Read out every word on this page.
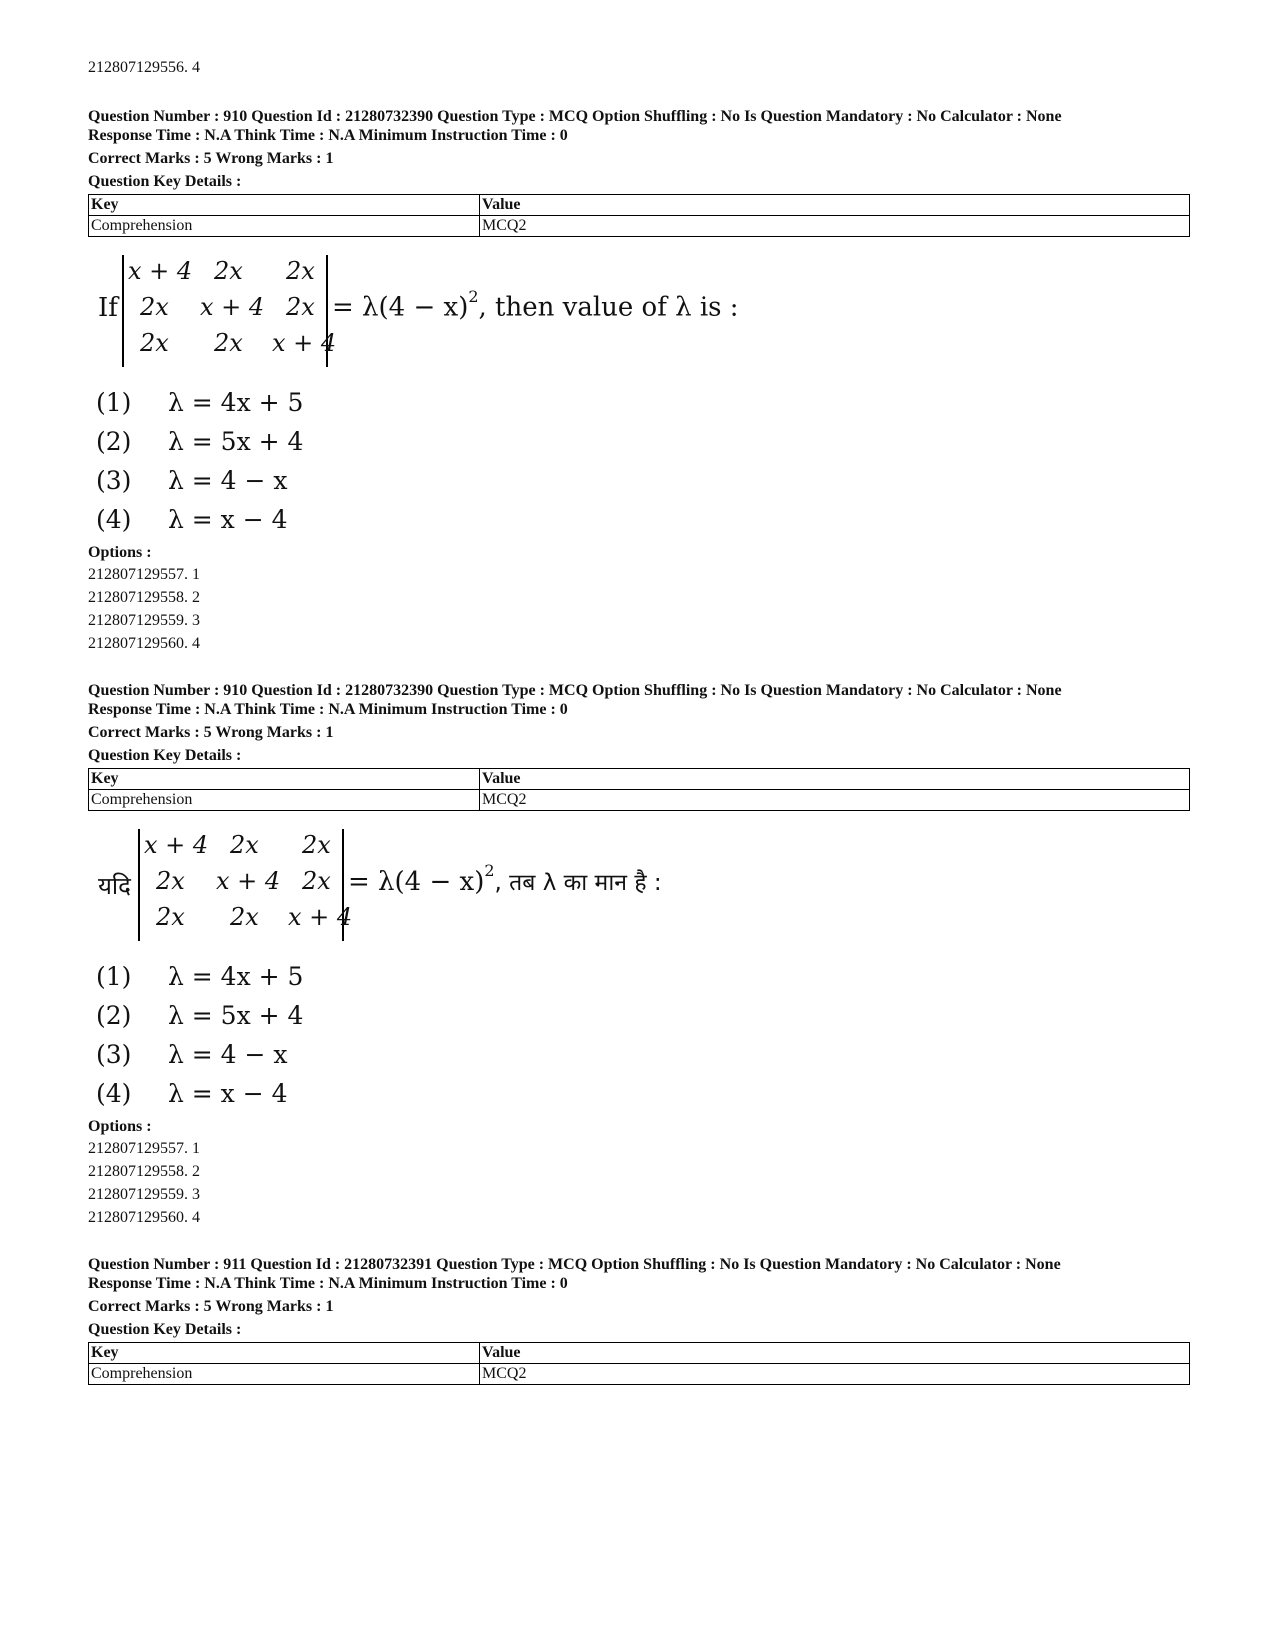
212807129556. 4
Question Number : 910 Question Id : 21280732390 Question Type : MCQ Option Shuffling : No Is Question Mandatory : No Calculator : None
Response Time : N.A Think Time : N.A Minimum Instruction Time : 0
Correct Marks : 5 Wrong Marks : 1
Question Key Details :
Key	Value
Comprehension	MCQ2
If
x + 4 2x 2x
2x x + 4 2x
2x 2x x + 4
= $\lambda(4 - x)^2$, then value of λ is :
(1)	λ = 4x + 5
(2)	λ = 5x + 4
(3)	λ = 4 − x
(4)	λ = x − 4
Options :
212807129557. 1
212807129558. 2
212807129559. 3
212807129560. 4
Question Number : 910 Question Id : 21280732390 Question Type : MCQ Option Shuffling : No Is Question Mandatory : No Calculator : None
Response Time : N.A Think Time : N.A Minimum Instruction Time : 0
Correct Marks : 5 Wrong Marks : 1
Question Key Details :
Key	Value
Comprehension	MCQ2
यदि
x + 4 2x 2x
2x x + 4 2x
2x 2x x + 4
= $\lambda(4 - x)^2$, तब λ का मान है :
(1)	λ = 4x + 5
(2)	λ = 5x + 4
(3)	λ = 4 − x
(4)	λ = x − 4
Options :
212807129557. 1
212807129558. 2
212807129559. 3
212807129560. 4
Question Number : 911 Question Id : 21280732391 Question Type : MCQ Option Shuffling : No Is Question Mandatory : No Calculator : None
Response Time : N.A Think Time : N.A Minimum Instruction Time : 0
Correct Marks : 5 Wrong Marks : 1
Question Key Details :
Key	Value
Comprehension	MCQ2
